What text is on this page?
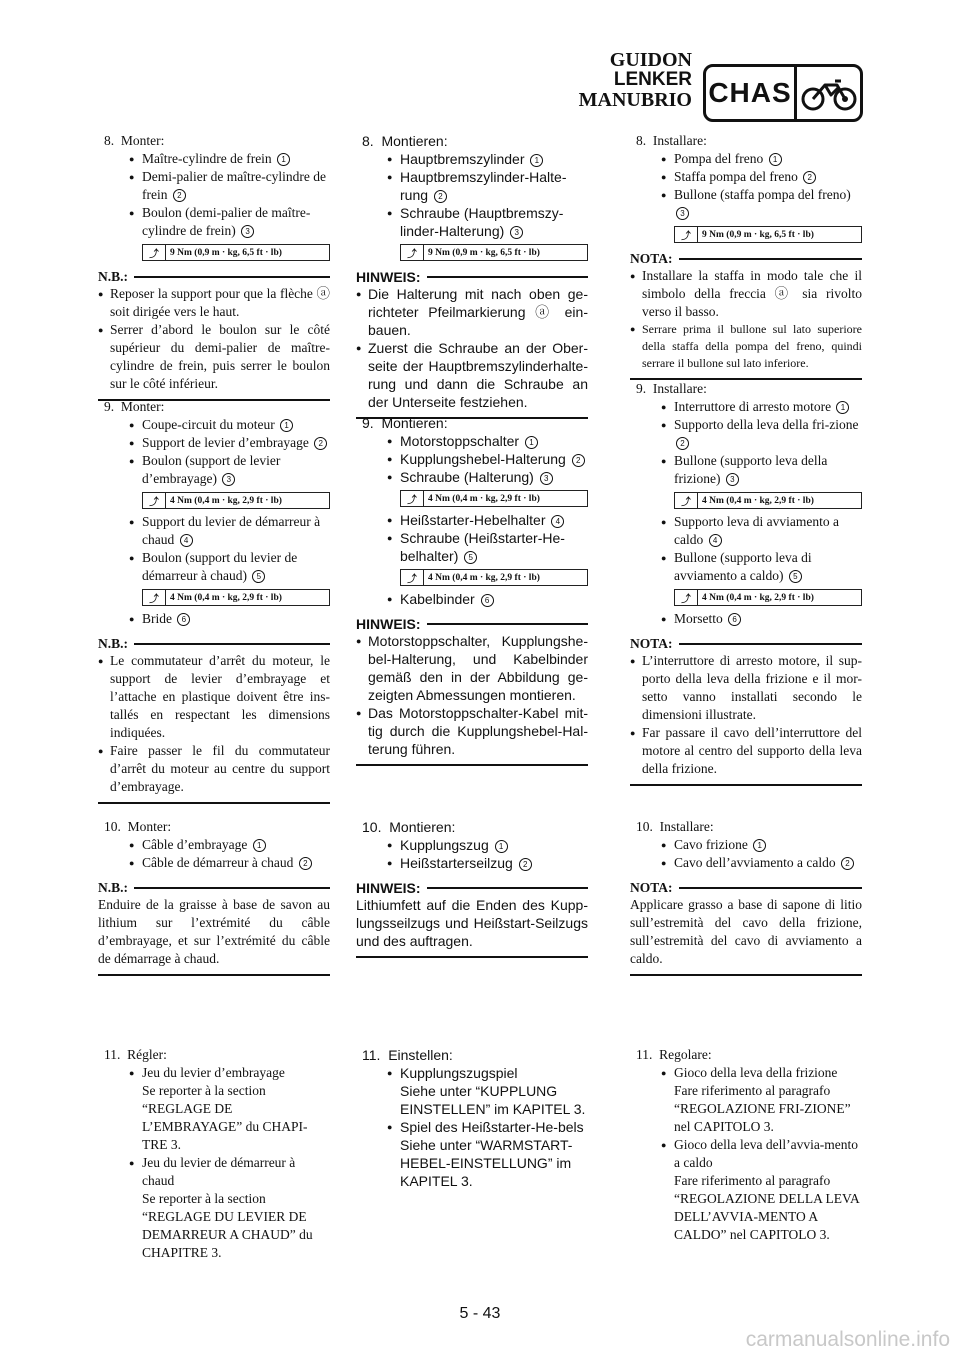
GUIDON
LENKER
MANUBRIO CHAS
8.  Monter:
● Maître-cylindre de frein 1
● Demi-palier de maître-cylindre de frein 2
● Boulon (demi-palier de maître-cylindre de frein) 3
⤴	9 Nm (0,9 m · kg, 6,5 ft · lb)
N.B.:
● Reposer la support pour que la flèche ⓐ soit dirigée vers le haut.
● Serrer d’abord le boulon sur le côté supérieur du demi-palier de maître-cylindre de frein, puis serrer le boulon sur le côté inférieur.
9.  Monter:
● Coupe-circuit du moteur 1
● Support de levier d’embrayage 2
● Boulon (support de levier d’embrayage) 3
⤴	4 Nm (0,4 m · kg, 2,9 ft · lb)
● Support du levier de démarreur à chaud 4
● Boulon (support du levier de démarreur à chaud) 5
⤴	4 Nm (0,4 m · kg, 2,9 ft · lb)
● Bride 6
N.B.:
● Le commutateur d’arrêt du moteur, le support de levier d’embrayage et l’attache en plastique doivent être ins-tallés en respectant les dimensions indiquées.
● Faire passer le fil du commutateur d’arrêt du moteur au centre du support d’embrayage.
10.  Monter:
● Câble d’embrayage 1
● Câble de démarreur à chaud 2
N.B.:
Enduire de la graisse à base de savon au lithium sur l’extrémité du câble d’embrayage, et sur l’extrémité du câble de démarrage à chaud.
11.  Régler:
● Jeu du levier d’embrayage
Se reporter à la section “REGLAGE DE L’EMBRAYAGE” du CHAPI-TRE 3.
● Jeu du levier de démarreur à chaud
Se reporter à la section “REGLAGE DU LEVIER DE DEMARREUR A CHAUD” du CHAPITRE 3.
8.  Montieren:
● Hauptbremszylinder 1
● Hauptbremszylinder-Halte-rung 2
● Schraube (Hauptbremszy-linder-Halterung) 3
⤴	9 Nm (0,9 m · kg, 6,5 ft · lb)
HINWEIS:
● Die Halterung mit nach oben ge-richteter Pfeilmarkierung ⓐ ein-bauen.
● Zuerst die Schraube an der Ober-seite der Hauptbremszylinderhalte-rung und dann die Schraube an der Unterseite festziehen.
9.  Montieren:
● Motorstoppschalter 1
● Kupplungshebel-Halterung 2
● Schraube (Halterung) 3
⤴	4 Nm (0,4 m · kg, 2,9 ft · lb)
● Heißstarter-Hebelhalter 4
● Schraube (Heißstarter-He-belhalter) 5
⤴	4 Nm (0,4 m · kg, 2,9 ft · lb)
● Kabelbinder 6
HINWEIS:
● Motorstoppschalter, Kupplungshe-bel-Halterung, und Kabelbinder gemäß den in der Abbildung ge-zeigten Abmessungen montieren.
● Das Motorstoppschalter-Kabel mit-tig durch die Kupplungshebel-Hal-terung führen.
10.  Montieren:
● Kupplungszug 1
● Heißstarterseilzug 2
HINWEIS:
Lithiumfett auf die Enden des Kupp-lungsseilzugs und Heißstart-Seilzugs und des auftragen.
11.  Einstellen:
● Kupplungszugspiel
Siehe unter “KUPPLUNG EINSTELLEN” im KAPITEL 3.
● Spiel des Heißstarter-He-bels
Siehe unter “WARMSTART-HEBEL-EINSTELLUNG” im KAPITEL 3.
8.  Installare:
● Pompa del freno 1
● Staffa pompa del freno 2
● Bullone (staffa pompa del freno) 3
⤴	9 Nm (0,9 m · kg, 6,5 ft · lb)
NOTA:
● Installare la staffa in modo tale che il simbolo della freccia ⓐ sia rivolto verso il basso.
● Serrare prima il bullone sul lato superiore della staffa della pompa del freno, quindi serrare il bullone sul lato inferiore.
9.  Installare:
● Interruttore di arresto motore 1
● Supporto della leva della fri-zione 2
● Bullone (supporto leva della frizione) 3
⤴	4 Nm (0,4 m · kg, 2,9 ft · lb)
● Supporto leva di avviamento a caldo 4
● Bullone (supporto leva di avviamento a caldo) 5
⤴	4 Nm (0,4 m · kg, 2,9 ft · lb)
● Morsetto 6
NOTA:
● L’interruttore di arresto motore, il sup-porto della leva della frizione e il mor-setto vanno installati secondo le dimensioni illustrate.
● Far passare il cavo dell’interruttore del motore al centro del supporto della leva della frizione.
10.  Installare:
● Cavo frizione 1
● Cavo dell’avviamento a caldo 2
NOTA:
Applicare grasso a base di sapone di litio sull’estremità del cavo della frizione, sull’estremità del cavo di avviamento a caldo.
11.  Regolare:
● Gioco della leva della frizione
Fare riferimento al paragrafo “REGOLAZIONE FRI-ZIONE” nel CAPITOLO 3.
● Gioco della leva dell’avvia-mento a caldo
Fare riferimento al paragrafo “REGOLAZIONE DELLA LEVA DELL’AVVIA-MENTO A CALDO” nel CAPITOLO 3.
5 - 43
carmanualsonline.info
